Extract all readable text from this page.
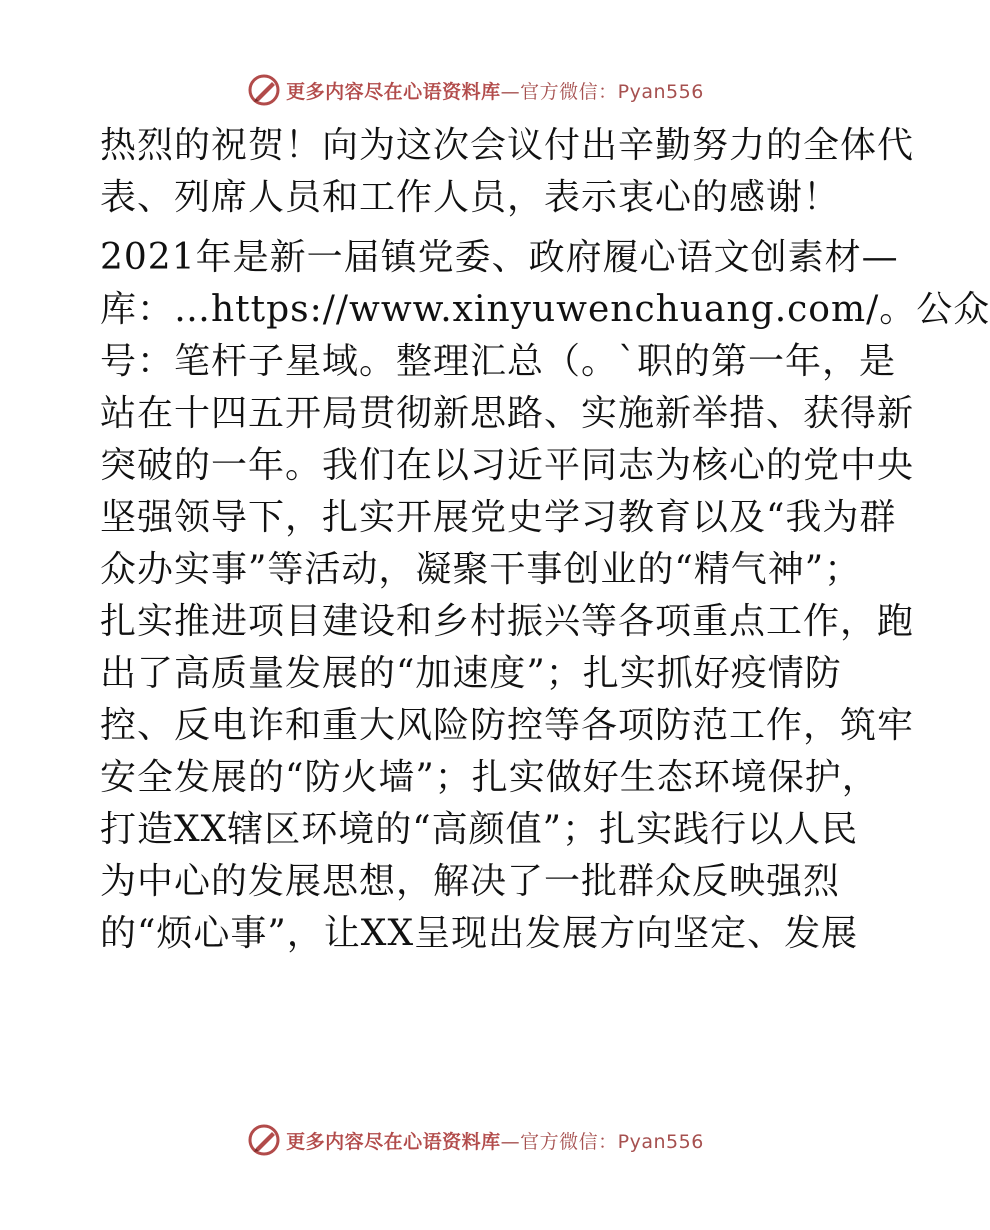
更多内容尽在心语资料库—官方微信：Pyan556
热烈的祝贺！向为这次会议付出辛勤努力的全体代
表、列席人员和工作人员，表示衷心的感谢！
2021年是新一届镇党委、政府履心语文创素材—
库：…https://www.xinyuwenchuang.com/。公众
号：笔杆子星域。整理汇总（。`职的第一年，是
站在十四五开局贯彻新思路、实施新举措、获得新
突破的一年。我们在以习近平同志为核心的党中央
坚强领导下，扎实开展党史学习教育以及“我为群
众办实事”等活动，凝聚干事创业的“精气神”；
扎实推进项目建设和乡村振兴等各项重点工作，跑
出了高质量发展的“加速度”；扎实抓好疫情防
控、反电诈和重大风险防控等各项防范工作，筑牢
安全发展的“防火墙”；扎实做好生态环境保护，
打造XX辖区环境的“高颜值”；扎实践行以人民
为中心的发展思想，解决了一批群众反映强烈
的“烦心事”，让XX呈现出发展方向坚定、发展
更多内容尽在心语资料库—官方微信：Pyan556
